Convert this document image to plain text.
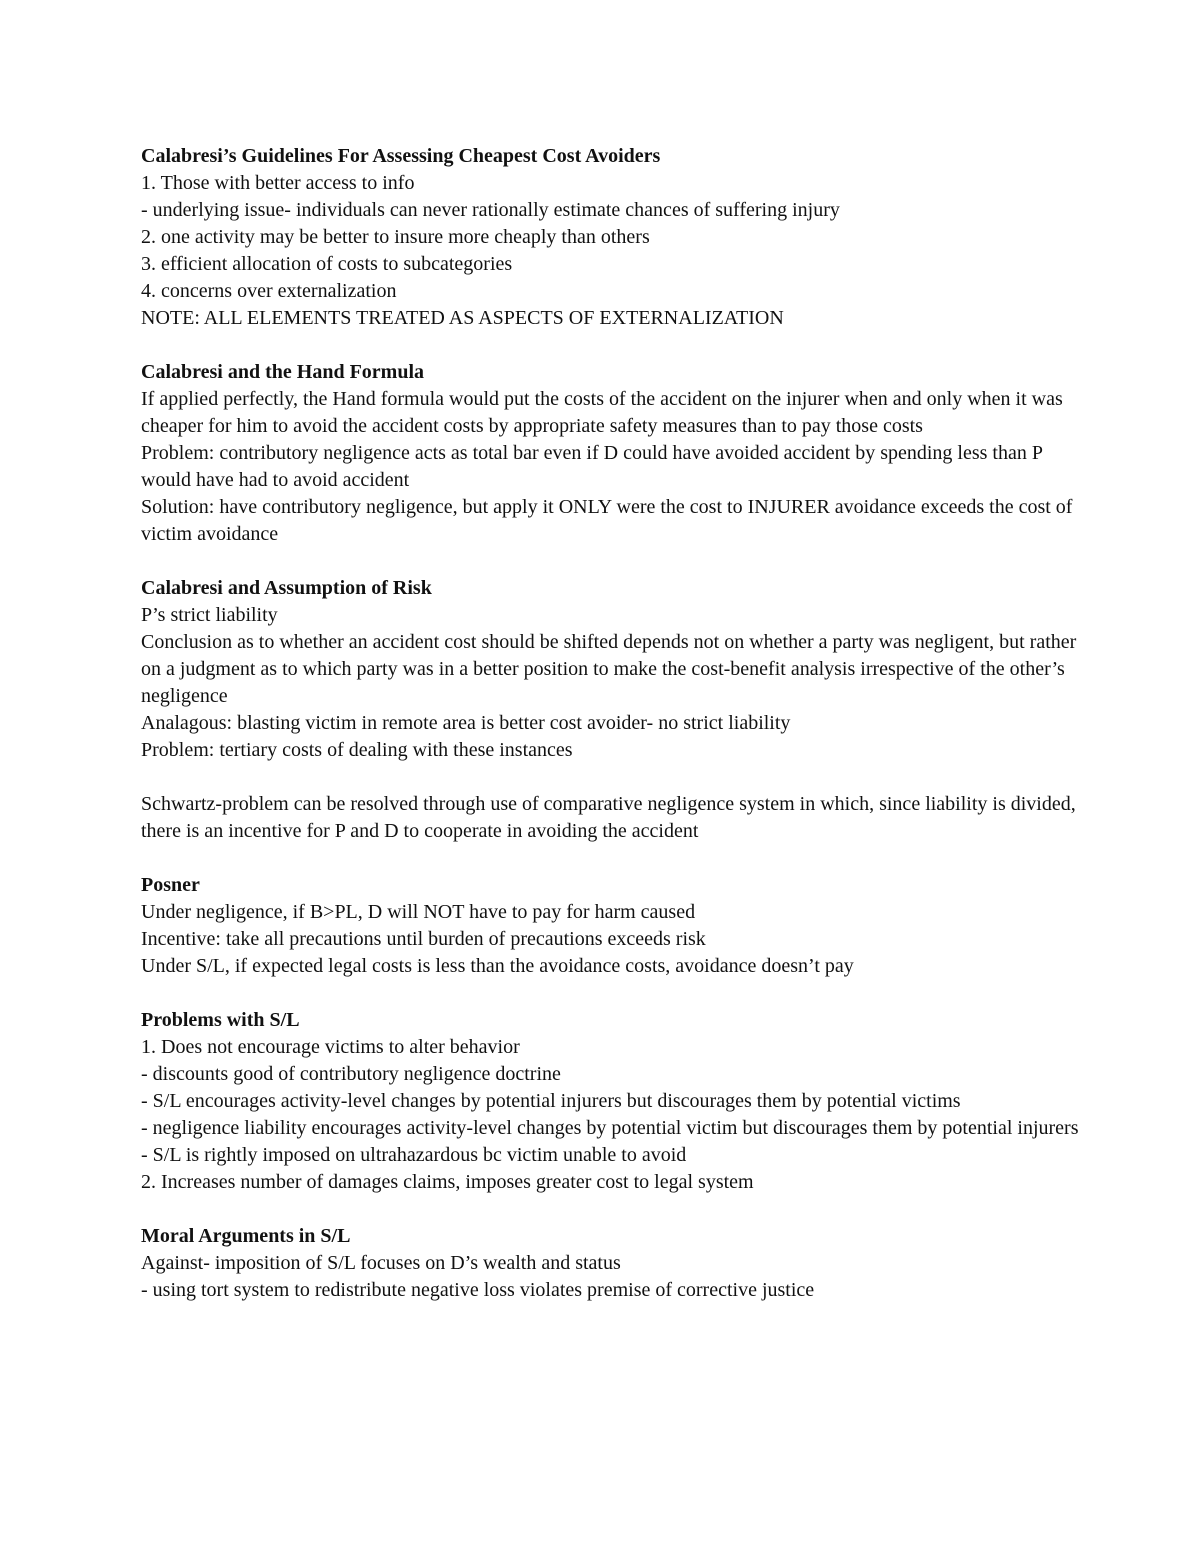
Calabresi’s Guidelines For Assessing Cheapest Cost Avoiders
1. Those with better access to info
- underlying issue- individuals can never rationally estimate chances of suffering injury
2. one activity may be better to insure more cheaply than others
3. efficient allocation of costs to subcategories
4. concerns over externalization
NOTE: ALL ELEMENTS TREATED AS ASPECTS OF EXTERNALIZATION
Calabresi and the Hand Formula
If applied perfectly, the Hand formula would put the costs of the accident on the injurer when and only when it was cheaper for him to avoid the accident costs by appropriate safety measures than to pay those costs
Problem: contributory negligence acts as total bar even if D could have avoided accident by spending less than P would have had to avoid accident
Solution: have contributory negligence, but apply it ONLY were the cost to INJURER avoidance exceeds the cost of victim avoidance
Calabresi and Assumption of Risk
P’s strict liability
Conclusion as to whether an accident cost should be shifted depends not on whether a party was negligent, but rather on a judgment as to which party was in a better position to make the cost-benefit analysis irrespective of the other’s negligence
Analagous: blasting victim in remote area is better cost avoider- no strict liability
Problem: tertiary costs of dealing with these instances
Schwartz-problem can be resolved through use of comparative negligence system in which, since liability is divided, there is an incentive for P and D to cooperate in avoiding the accident
Posner
Under negligence, if B>PL, D will NOT have to pay for harm caused
Incentive: take all precautions until burden of precautions exceeds risk
Under S/L, if expected legal costs is less than the avoidance costs, avoidance doesn’t pay
Problems with S/L
1. Does not encourage victims to alter behavior
- discounts good of contributory negligence doctrine
- S/L encourages activity-level changes by potential injurers but discourages them by potential victims
- negligence liability encourages activity-level changes by potential victim but discourages them by potential injurers
- S/L is rightly imposed on ultrahazardous bc victim unable to avoid
2. Increases number of damages claims, imposes greater cost to legal system
Moral Arguments in S/L
Against- imposition of S/L focuses on D’s wealth and status
- using tort system to redistribute negative loss violates premise of corrective justice
